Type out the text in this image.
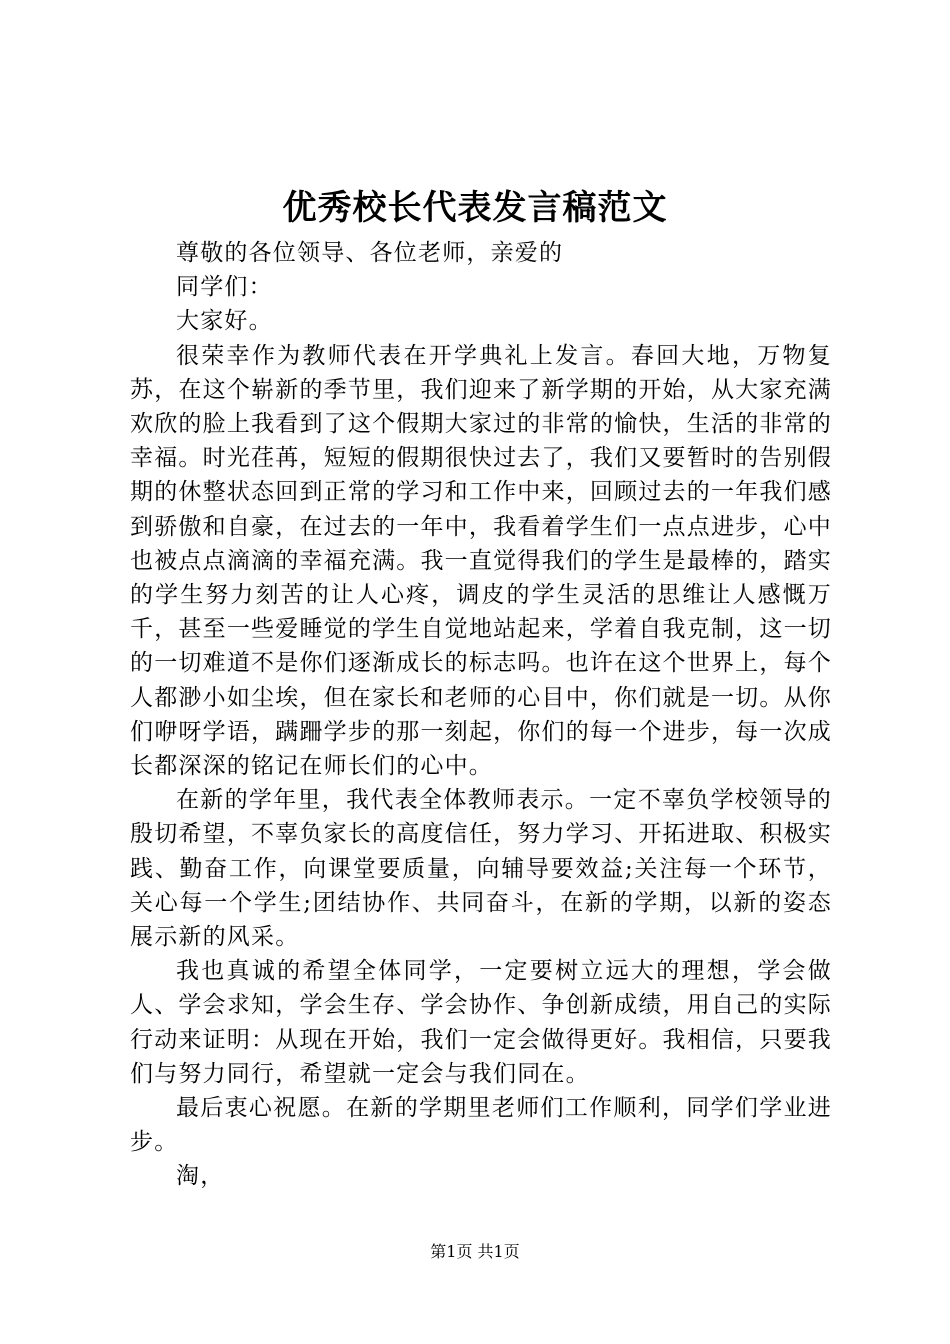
优秀校长代表发言稿范文

尊敬的各位领导、各位老师，亲爱的

同学们：

大家好。

很荣幸作为教师代表在开学典礼上发言。春回大地，万物复苏，在这个崭新的季节里，我们迎来了新学期的开始，从大家充满欢欣的脸上我看到了这个假期大家过的非常的愉快，生活的非常的幸福。时光荏苒，短短的假期很快过去了，我们又要暂时的告别假期的休整状态回到正常的学习和工作中来，回顾过去的一年我们感到骄傲和自豪，在过去的一年中，我看着学生们一点点进步，心中也被点点滴滴的幸福充满。我一直觉得我们的学生是最棒的，踏实的学生努力刻苦的让人心疼，调皮的学生灵活的思维让人感慨万千，甚至一些爱睡觉的学生自觉地站起来，学着自我克制，这一切的一切难道不是你们逐渐成长的标志吗。也许在这个世界上，每个人都渺小如尘埃，但在家长和老师的心目中，你们就是一切。从你们咿呀学语，蹒跚学步的那一刻起，你们的每一个进步，每一次成长都深深的铭记在师长们的心中。

在新的学年里，我代表全体教师表示。一定不辜负学校领导的殷切希望，不辜负家长的高度信任，努力学习、开拓进取、积极实践、勤奋工作，向课堂要质量，向辅导要效益;关注每一个环节，关心每一个学生;团结协作、共同奋斗，在新的学期，以新的姿态展示新的风采。

我也真诚的希望全体同学，一定要树立远大的理想，学会做人、学会求知，学会生存、学会协作、争创新成绩，用自己的实际行动来证明：从现在开始，我们一定会做得更好。我相信，只要我们与努力同行，希望就一定会与我们同在。

最后衷心祝愿。在新的学期里老师们工作顺利，同学们学业进步。

淘，

第1页 共1页
